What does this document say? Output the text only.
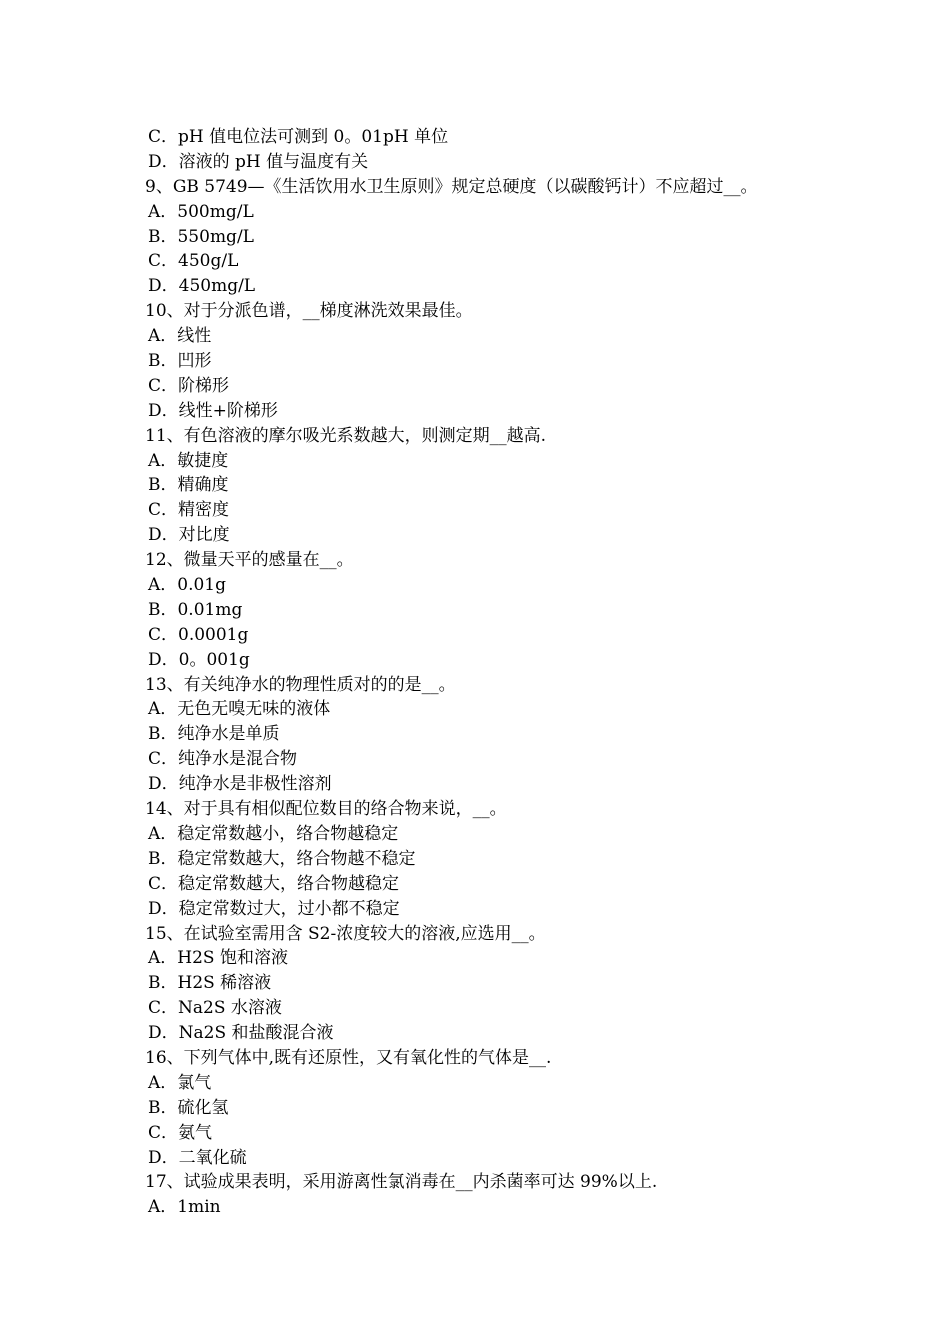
C．pH 值电位法可测到 0。01pH 单位
D．溶液的 pH 值与温度有关
9、GB 5749—《生活饮用水卫生原则》规定总硬度（以碳酸钙计）不应超过__。
A．500mg/L
B．550mg/L
C．450g/L
D．450mg/L
10、对于分派色谱，__梯度淋洗效果最佳。
A．线性
B．凹形
C．阶梯形
D．线性+阶梯形
11、有色溶液的摩尔吸光系数越大，则测定期__越高.
A．敏捷度
B．精确度
C．精密度
D．对比度
12、微量天平的感量在__。
A．0.01g
B．0.01mg
C．0.0001g
D．0。001g
13、有关纯净水的物理性质对的的是__。
A．无色无嗅无味的液体
B．纯净水是单质
C．纯净水是混合物
D．纯净水是非极性溶剂
14、对于具有相似配位数目的络合物来说，__。
A．稳定常数越小，络合物越稳定
B．稳定常数越大，络合物越不稳定
C．稳定常数越大，络合物越稳定
D．稳定常数过大，过小都不稳定
15、在试验室需用含 S2-浓度较大的溶液,应选用__。
A．H2S 饱和溶液
B．H2S 稀溶液
C．Na2S 水溶液
D．Na2S 和盐酸混合液
16、下列气体中,既有还原性，又有氧化性的气体是__.
A．氯气
B．硫化氢
C．氨气
D．二氧化硫
17、试验成果表明，采用游离性氯消毒在__内杀菌率可达 99%以上.
A．1min
